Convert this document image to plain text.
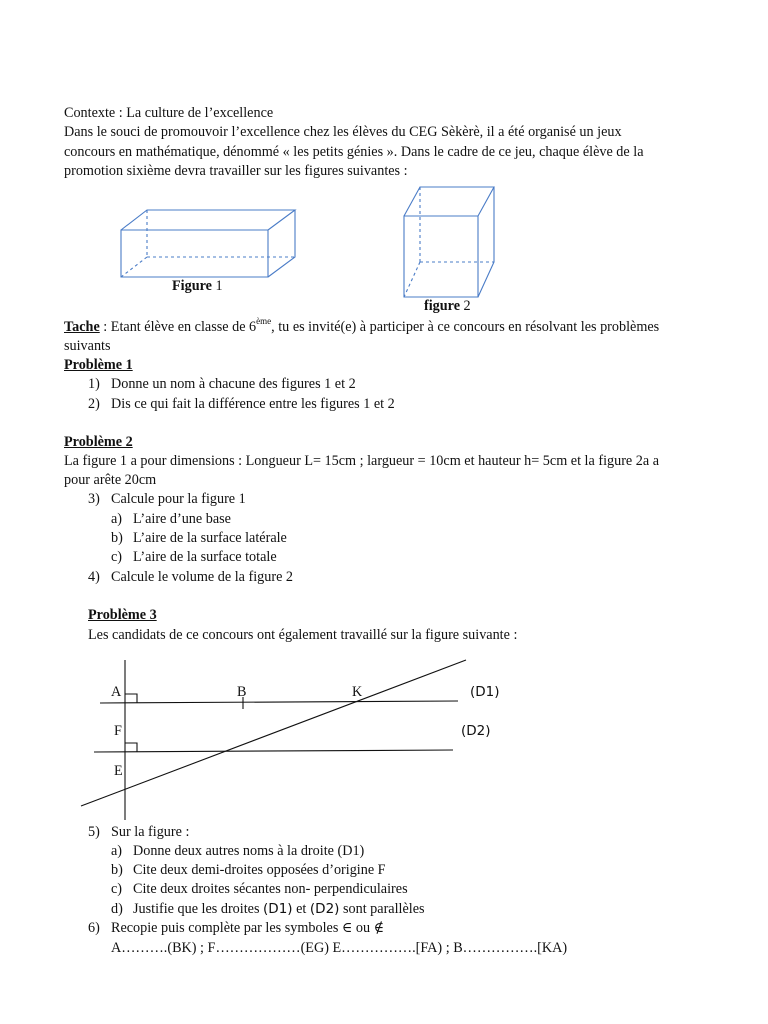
Contexte : La culture de l’excellence
Dans le souci de promouvoir l’excellence chez les élèves du CEG Sèkèrè, il a été organisé un jeux
concours en mathématique, dénommé « les petits génies ». Dans le cadre de ce jeu, chaque élève de la
promotion sixième devra travailler sur les figures suivantes :
Figure 1
figure 2
Tache : Etant élève en classe de 6ème, tu es invité(e) à participer à ce concours en résolvant les problèmes
suivants
Problème 1
1) Donne un nom à chacune des figures 1 et 2
2) Dis ce qui fait la différence entre les figures 1 et 2
Problème 2
La figure 1 a pour dimensions : Longueur L= 15cm ; largueur = 10cm et hauteur h= 5cm et la figure 2a a
pour arête 20cm
3) Calcule pour la figure 1
a) L’aire d’une base
b) L’aire de la surface latérale
c) L’aire de la surface totale
4) Calcule le volume de la figure 2
Problème 3
Les candidats de ce concours ont également travaillé sur la figure suivante :
A	B	K	(D1)
F	(D2)
E
5) Sur la figure :
a) Donne deux autres noms à la droite (D1)
b) Cite deux demi-droites opposées d’origine F
c) Cite deux droites sécantes non- perpendiculaires
d) Justifie que les droites (D1) et (D2) sont parallèles
6) Recopie puis complète par les symboles ∈ ou ∉
A……….(BK) ; F………………(EG) E…………….[FA) ; B…………….[KA)
